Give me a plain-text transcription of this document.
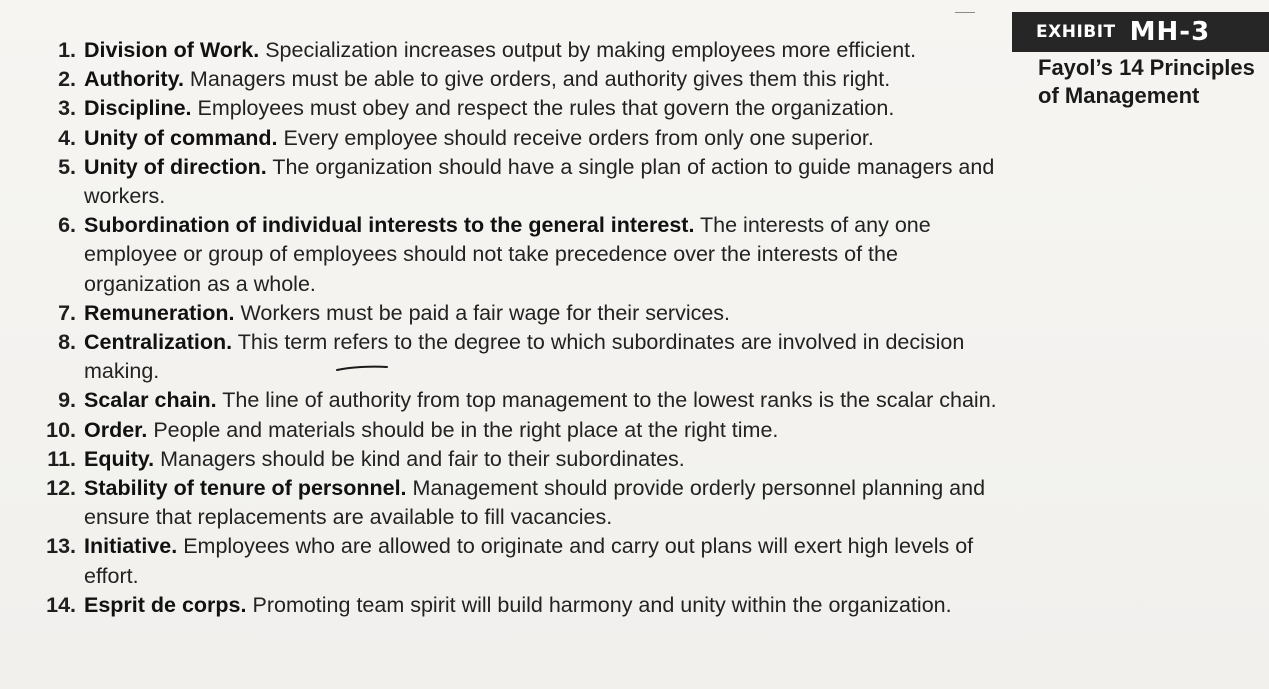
EXHIBIT MH-3
Fayol’s 14 Principles of Management
1. Division of Work. Specialization increases output by making employees more efficient.
2. Authority. Managers must be able to give orders, and authority gives them this right.
3. Discipline. Employees must obey and respect the rules that govern the organization.
4. Unity of command. Every employee should receive orders from only one superior.
5. Unity of direction. The organization should have a single plan of action to guide managers and workers.
6. Subordination of individual interests to the general interest. The interests of any one employee or group of employees should not take precedence over the interests of the organization as a whole.
7. Remuneration. Workers must be paid a fair wage for their services.
8. Centralization. This term refers to the degree to which subordinates are involved in decision making.
9. Scalar chain. The line of authority from top management to the lowest ranks is the scalar chain.
10. Order. People and materials should be in the right place at the right time.
11. Equity. Managers should be kind and fair to their subordinates.
12. Stability of tenure of personnel. Management should provide orderly personnel planning and ensure that replacements are available to fill vacancies.
13. Initiative. Employees who are allowed to originate and carry out plans will exert high levels of effort.
14. Esprit de corps. Promoting team spirit will build harmony and unity within the organization.
